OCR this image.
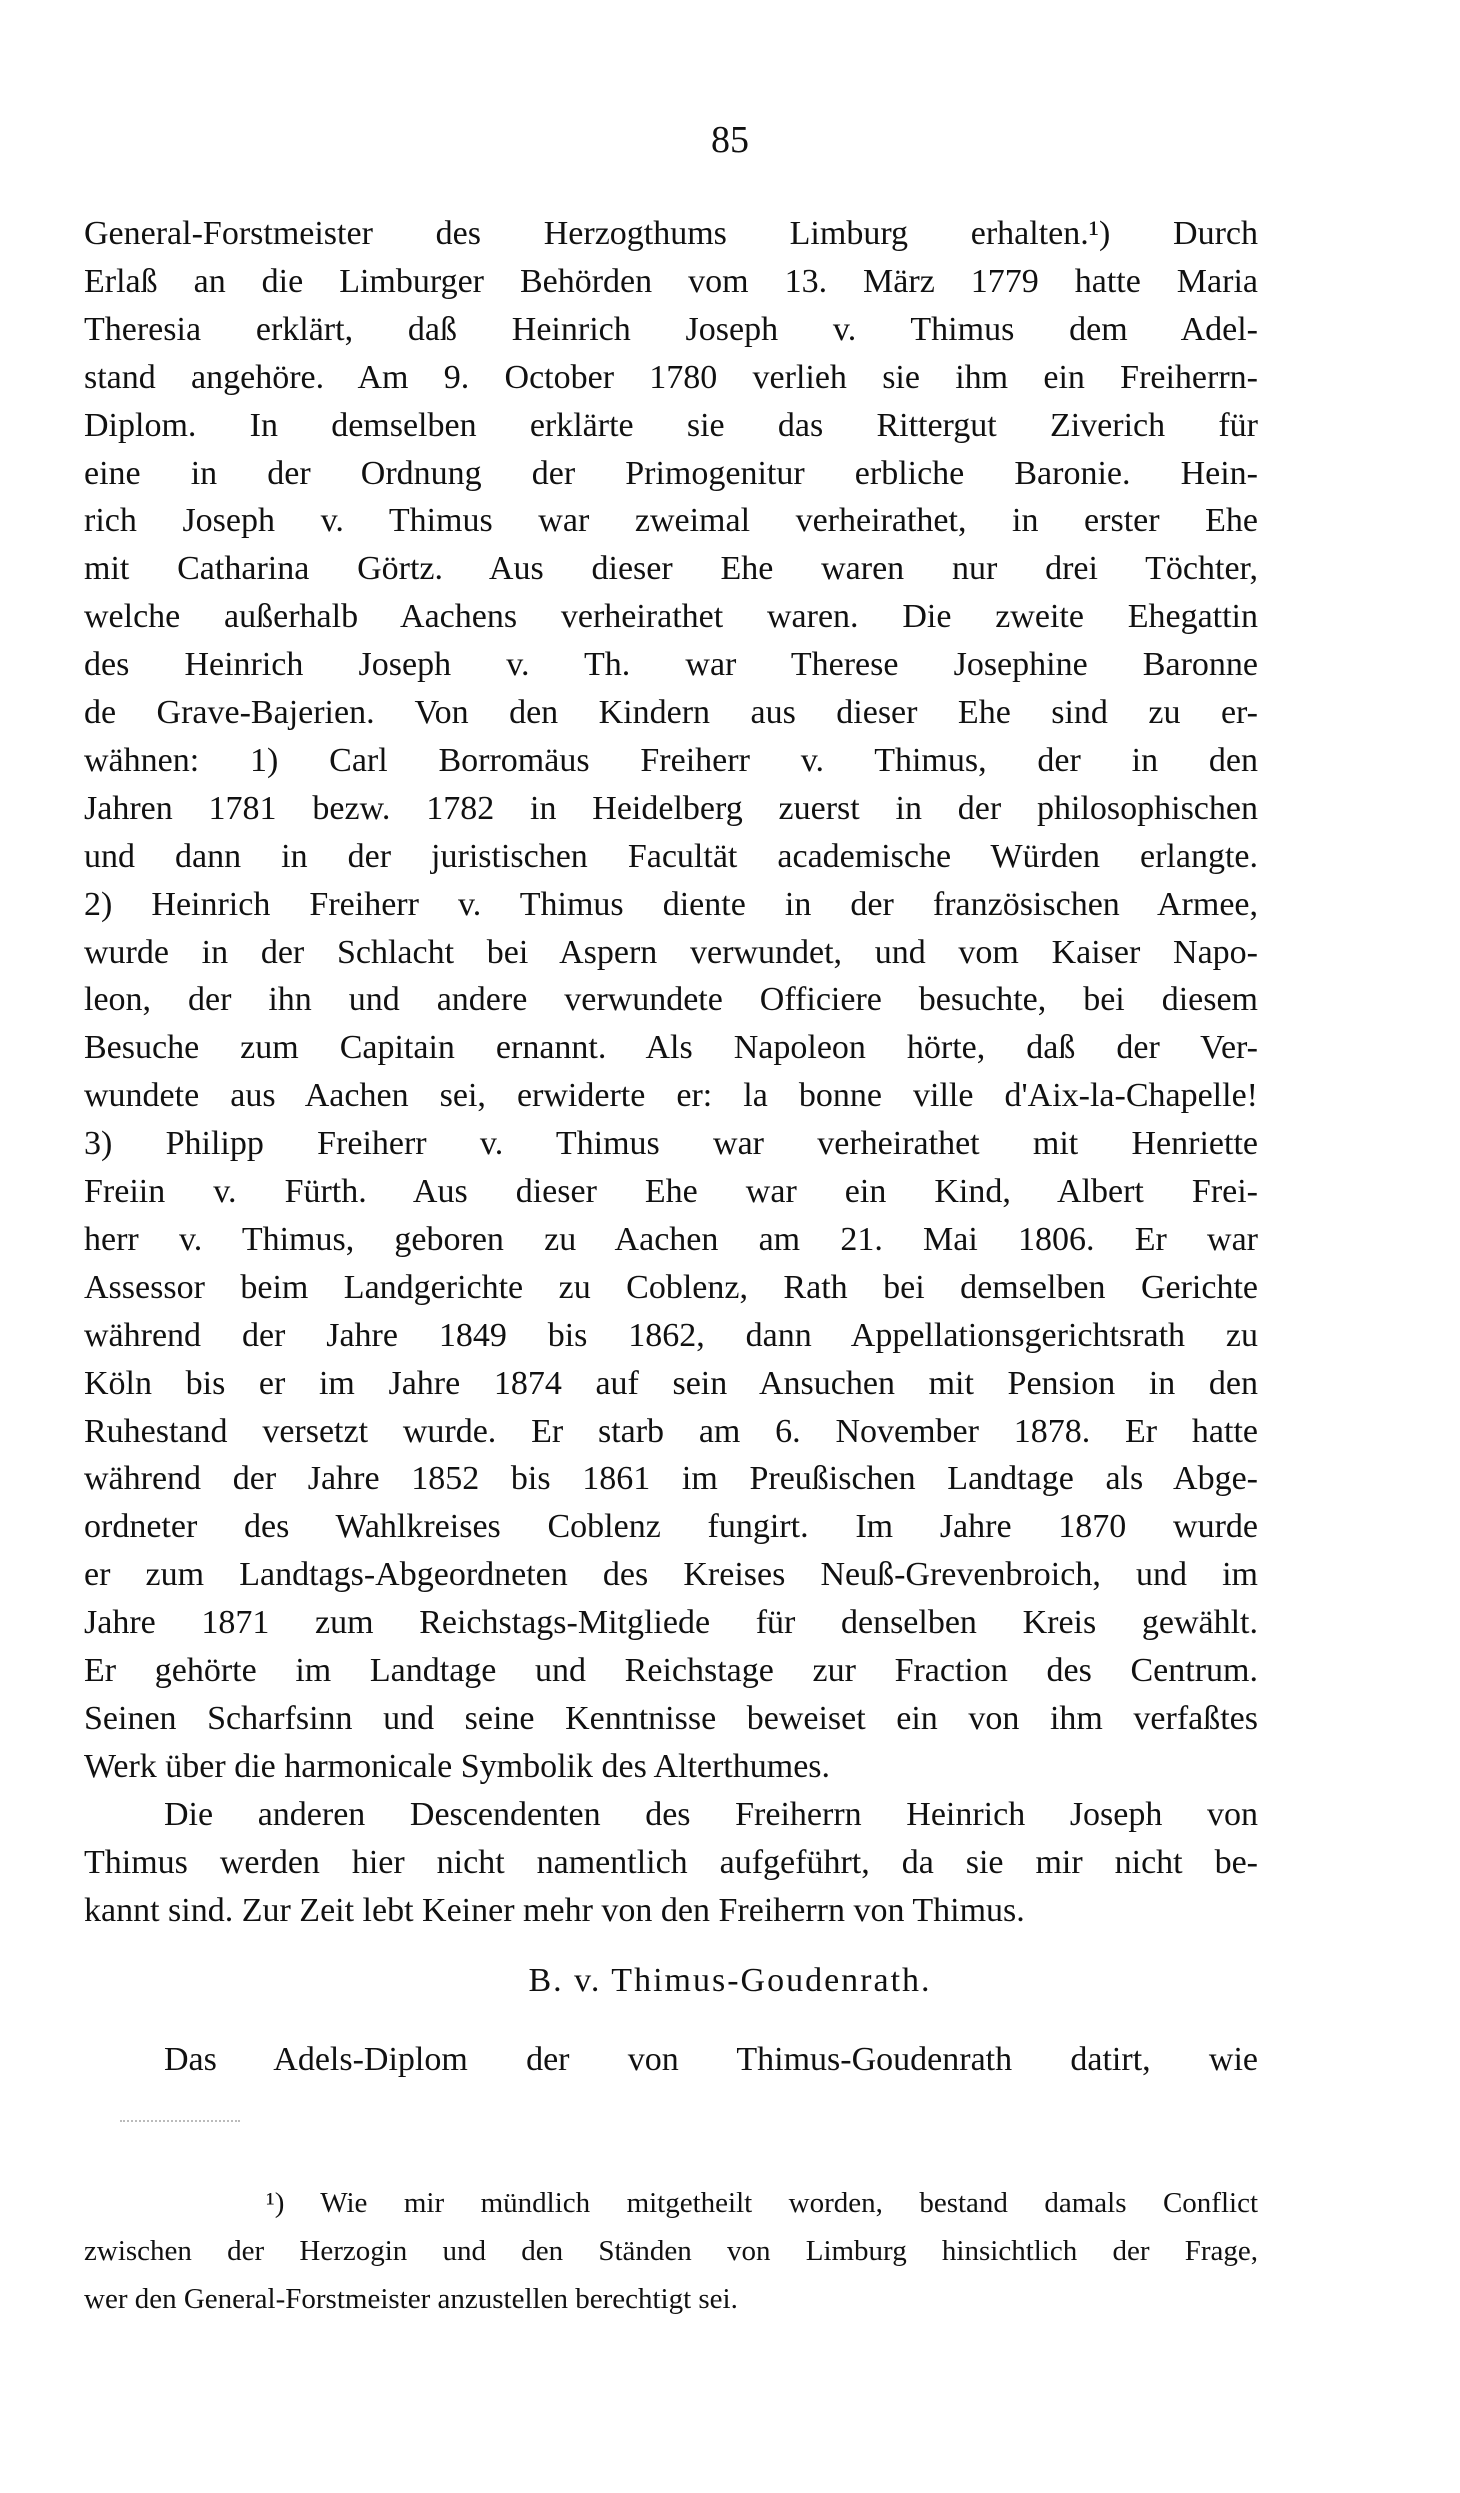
85
General-Forstmeister des Herzogthums Limburg erhalten.¹) Durch
Erlaß an die Limburger Behörden vom 13. März 1779 hatte Maria
Theresia erklärt, daß Heinrich Joseph v. Thimus dem Adel-
stand angehöre. Am 9. October 1780 verlieh sie ihm ein Freiherrn-
Diplom. In demselben erklärte sie das Rittergut Ziverich für
eine in der Ordnung der Primogenitur erbliche Baronie. Hein-
rich Joseph v. Thimus war zweimal verheirathet, in erster Ehe
mit Catharina Görtz. Aus dieser Ehe waren nur drei Töchter,
welche außerhalb Aachens verheirathet waren. Die zweite Ehegattin
des Heinrich Joseph v. Th. war Therese Josephine Baronne
de Grave-Bajerien. Von den Kindern aus dieser Ehe sind zu er-
wähnen: 1) Carl Borromäus Freiherr v. Thimus, der in den
Jahren 1781 bezw. 1782 in Heidelberg zuerst in der philosophischen
und dann in der juristischen Facultät academische Würden erlangte.
2) Heinrich Freiherr v. Thimus diente in der französischen Armee,
wurde in der Schlacht bei Aspern verwundet, und vom Kaiser Napo-
leon, der ihn und andere verwundete Officiere besuchte, bei diesem
Besuche zum Capitain ernannt. Als Napoleon hörte, daß der Ver-
wundete aus Aachen sei, erwiderte er: la bonne ville d'Aix-la-Chapelle!
3) Philipp Freiherr v. Thimus war verheirathet mit Henriette
Freiin v. Fürth. Aus dieser Ehe war ein Kind, Albert Frei-
herr v. Thimus, geboren zu Aachen am 21. Mai 1806. Er war
Assessor beim Landgerichte zu Coblenz, Rath bei demselben Gerichte
während der Jahre 1849 bis 1862, dann Appellationsgerichtsrath zu
Köln bis er im Jahre 1874 auf sein Ansuchen mit Pension in den
Ruhestand versetzt wurde. Er starb am 6. November 1878. Er hatte
während der Jahre 1852 bis 1861 im Preußischen Landtage als Abge-
ordneter des Wahlkreises Coblenz fungirt. Im Jahre 1870 wurde
er zum Landtags-Abgeordneten des Kreises Neuß-Grevenbroich, und im
Jahre 1871 zum Reichstags-Mitgliede für denselben Kreis gewählt.
Er gehörte im Landtage und Reichstage zur Fraction des Centrum.
Seinen Scharfsinn und seine Kenntnisse beweiset ein von ihm verfaßtes
Werk über die harmonicale Symbolik des Alterthumes.
Die anderen Descendenten des Freiherrn Heinrich Joseph von
Thimus werden hier nicht namentlich aufgeführt, da sie mir nicht be-
kannt sind. Zur Zeit lebt Keiner mehr von den Freiherrn von Thimus.
B. v. Thimus-Goudenrath.
Das Adels-Diplom der von Thimus-Goudenrath datirt, wie
¹) Wie mir mündlich mitgetheilt worden, bestand damals Conflict
zwischen der Herzogin und den Ständen von Limburg hinsichtlich der Frage,
wer den General-Forstmeister anzustellen berechtigt sei.
